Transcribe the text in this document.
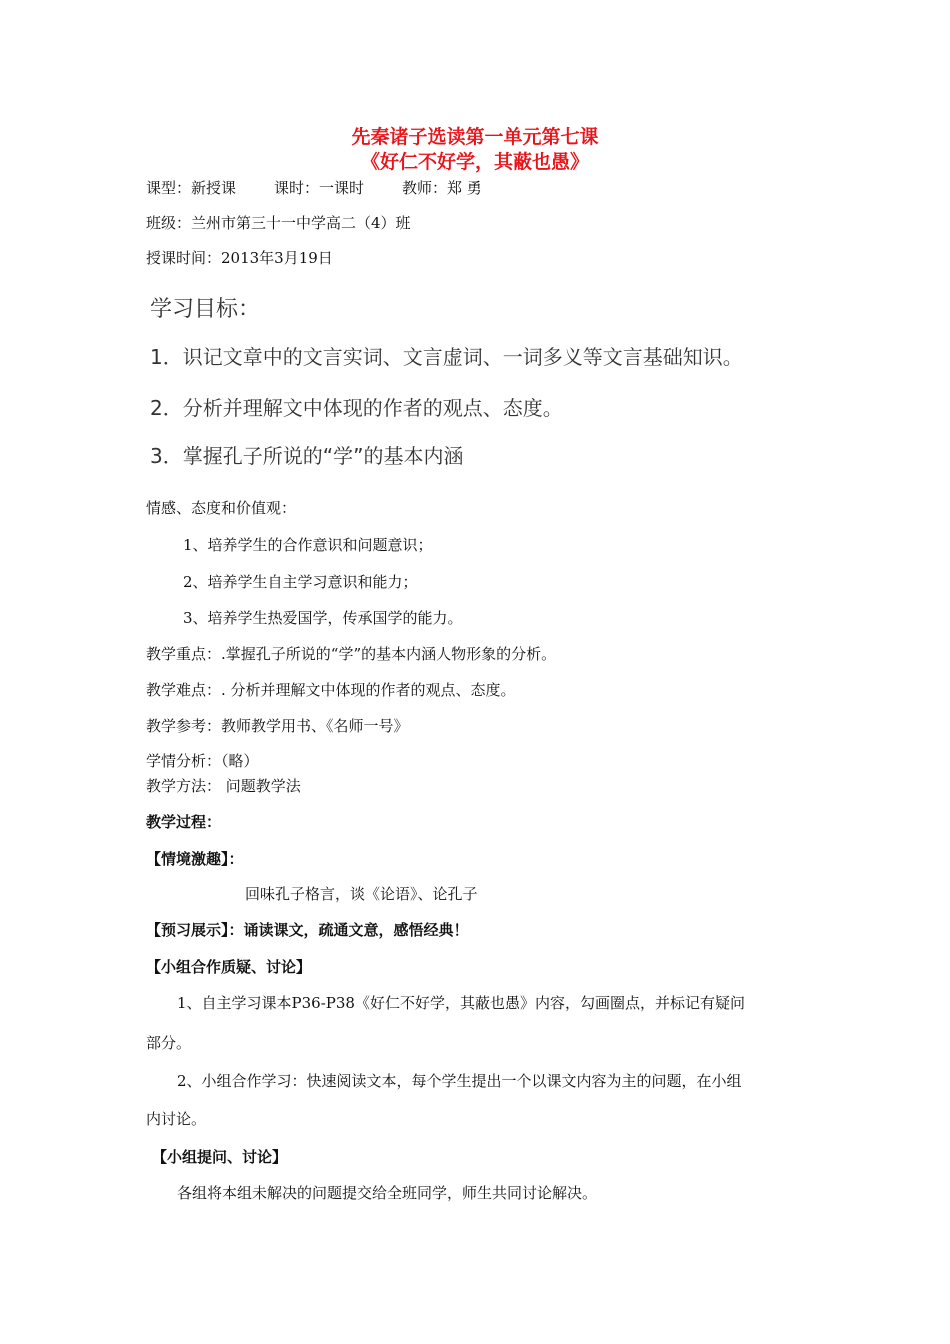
先秦诸子选读第一单元第七课
《好仁不好学，其蔽也愚》
课型：新授课	课时：一课时	教师：郑 勇
班级：兰州市第三十一中学高二（4）班
授课时间：2013年3月19日
学习目标：
1．识记文章中的文言实词、文言虚词、一词多义等文言基础知识。
2．分析并理解文中体现的作者的观点、态度。
3．掌握孔子所说的“学”的基本内涵
情感、态度和价值观：
1、培养学生的合作意识和问题意识；
2、培养学生自主学习意识和能力；
3、培养学生热爱国学，传承国学的能力。
教学重点：.掌握孔子所说的“学”的基本内涵人物形象的分析。
教学难点：. 分析并理解文中体现的作者的观点、态度。
教学参考：教师教学用书、《名师一号》
学情分析：（略）
教学方法： 问题教学法
教学过程：
【情境激趣】：
回味孔子格言，谈《论语》、论孔子
【预习展示】：诵读课文，疏通文意，感悟经典！
【小组合作质疑、讨论】
1、自主学习课本P36-P38《好仁不好学，其蔽也愚》内容，勾画圈点，并标记有疑问
部分。
2、小组合作学习：快速阅读文本，每个学生提出一个以课文内容为主的问题，在小组
内讨论。
【小组提问、讨论】
各组将本组未解决的问题提交给全班同学，师生共同讨论解决。
